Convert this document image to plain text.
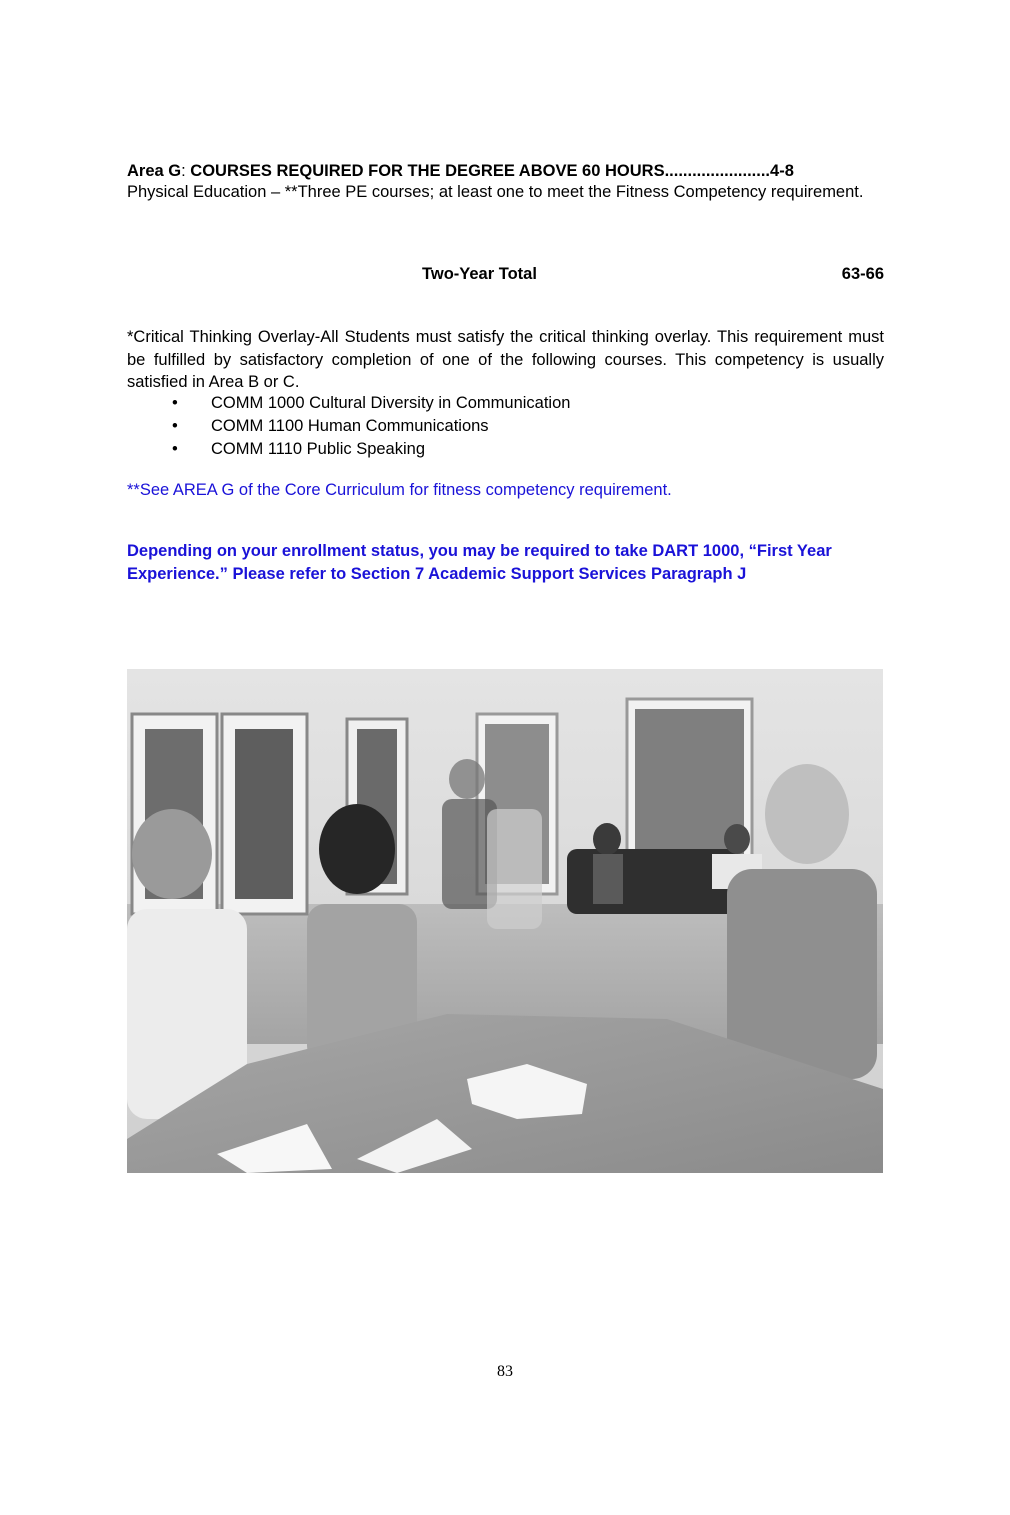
Area G: COURSES REQUIRED FOR THE DEGREE ABOVE 60 HOURS.......................4-8
Physical Education – **Three PE courses; at least one to meet the Fitness Competency requirement.
Two-Year Total	63-66
*Critical Thinking Overlay-All Students must satisfy the critical thinking overlay. This requirement must be fulfilled by satisfactory completion of one of the following courses. This competency is usually satisfied in Area B or C.
• COMM 1000 Cultural Diversity in Communication
• COMM 1100 Human Communications
• COMM 1110 Public Speaking
**See AREA G of the Core Curriculum for fitness competency requirement.
Depending on your enrollment status, you may be required to take DART 1000, “First Year Experience.” Please refer to Section 7 Academic Support Services Paragraph J
83
